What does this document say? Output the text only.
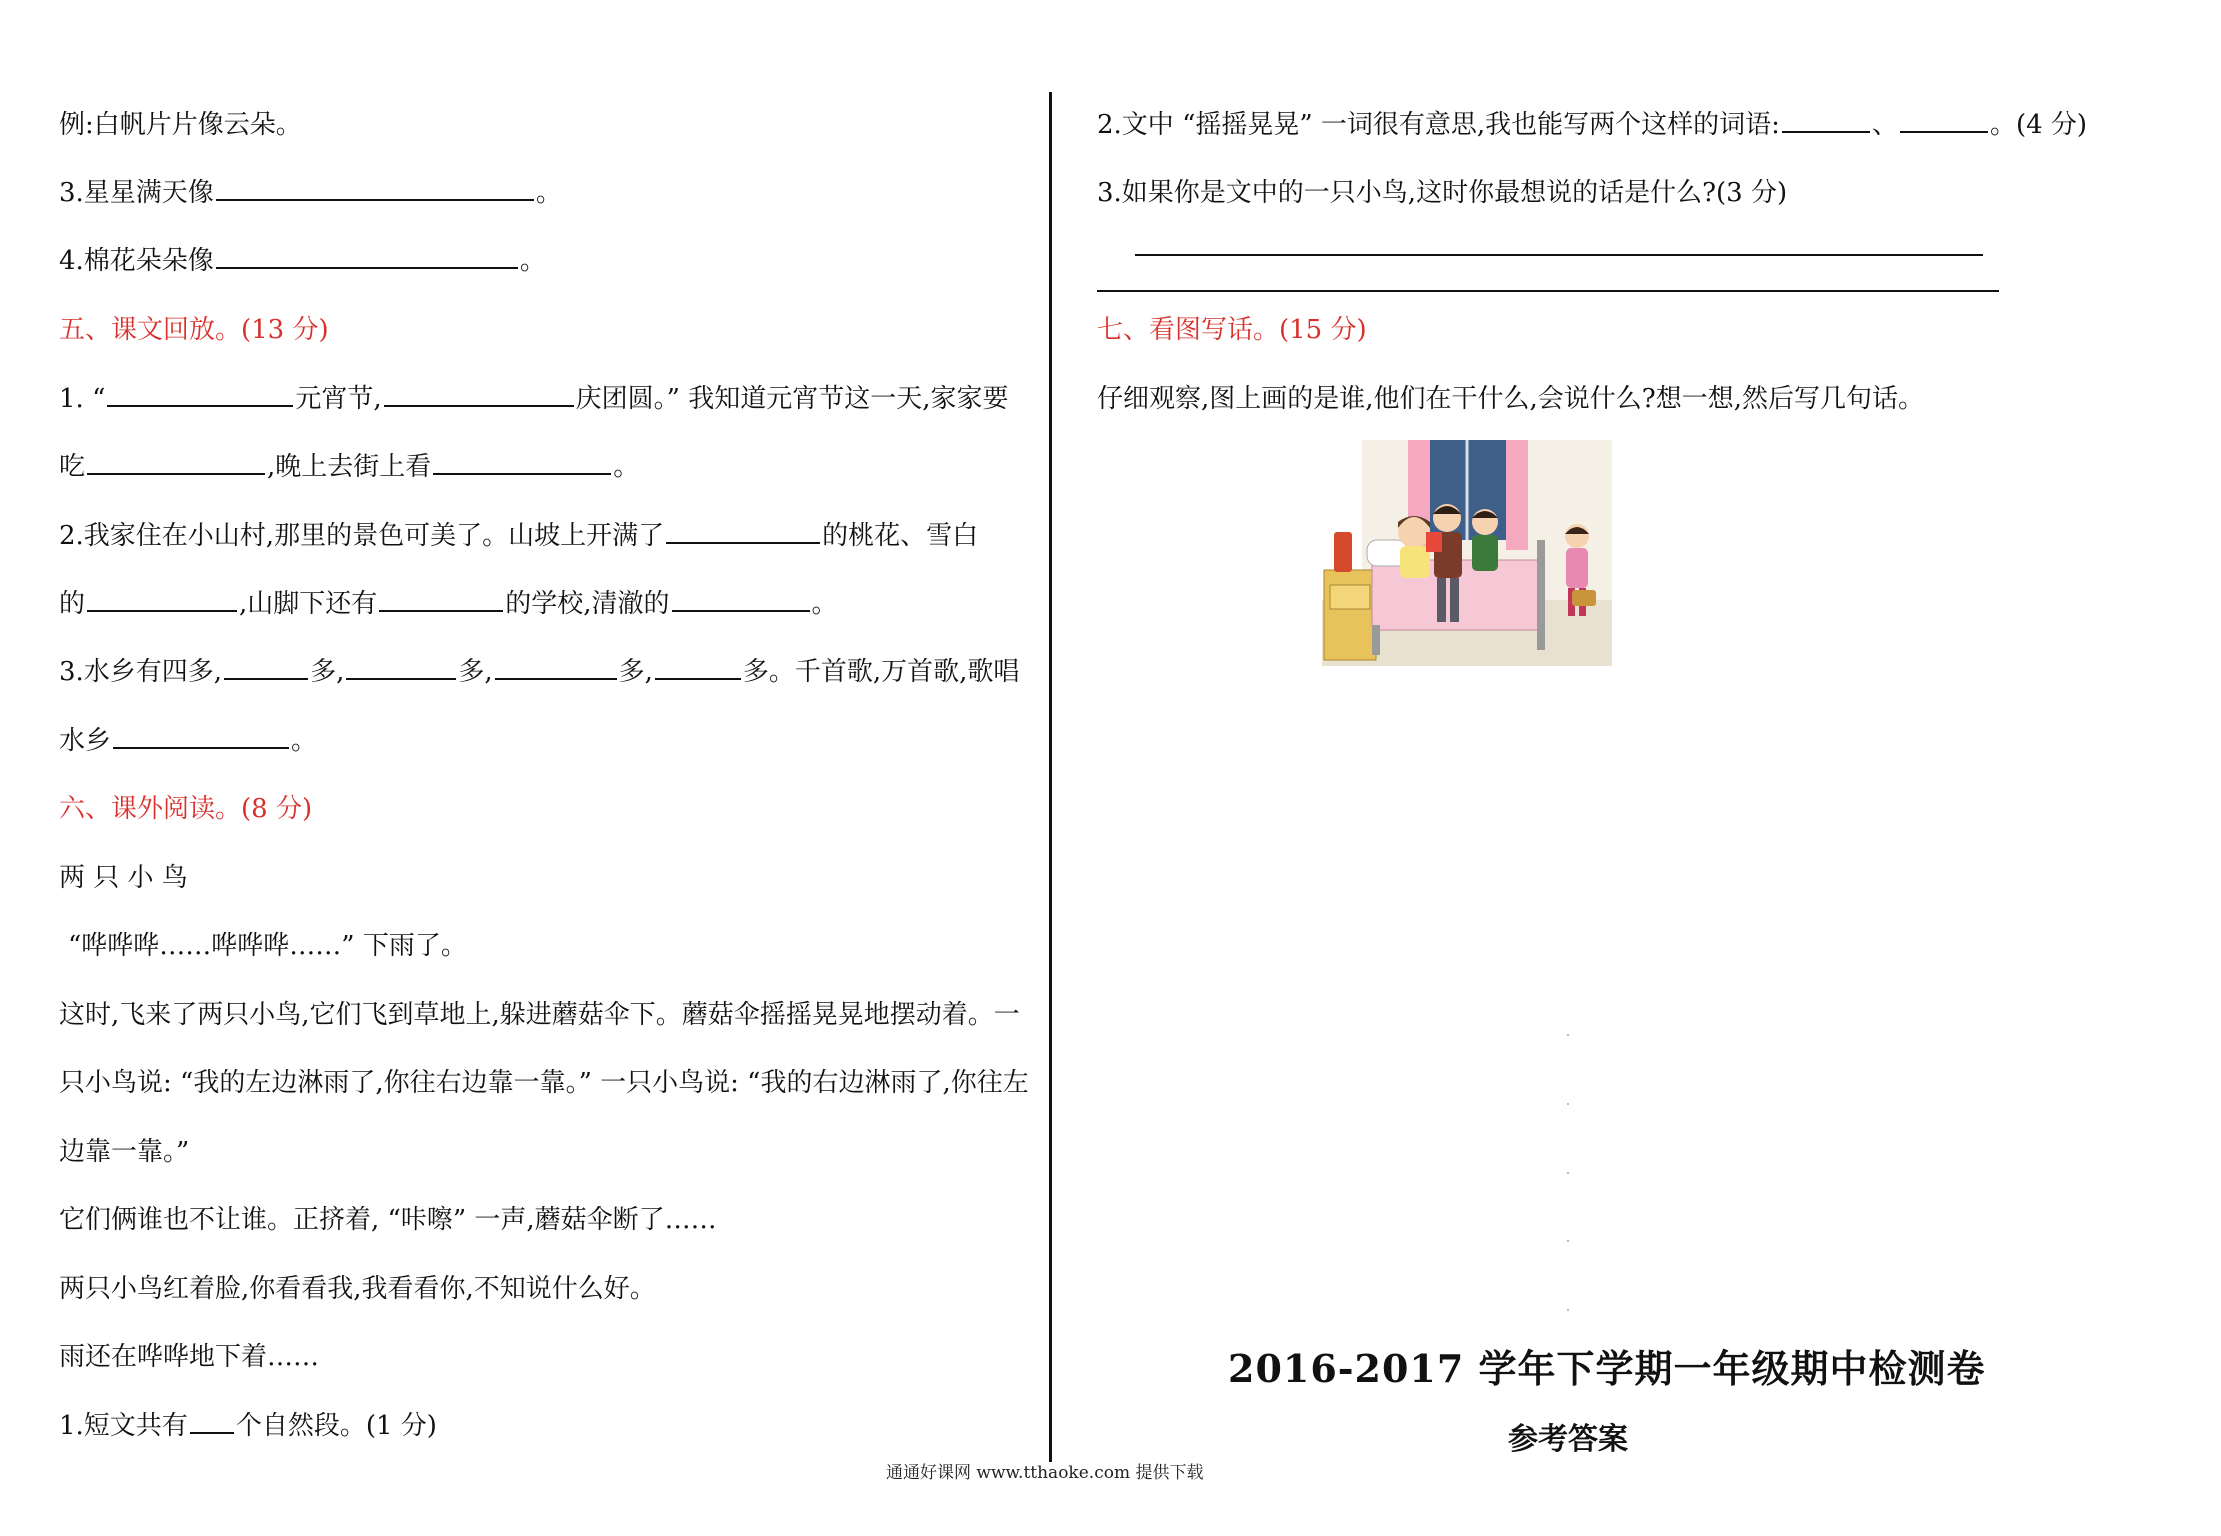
例:白帆片片像云朵。
3.星星满天像	。
4.棉花朵朵像	。
五、课文回放。(13 分)
1. “	元宵节,	庆团圆。” 我知道元宵节这一天,家家要
吃	,晚上去街上看	。
2.我家住在小山村,那里的景色可美了。山坡上开满了	的桃花、雪白
的	,山脚下还有	的学校,清澈的	。
3.水乡有四多,	多,	多,	多,	多。千首歌,万首歌,歌唱
水乡	。
六、课外阅读。(8 分)
两 只 小 鸟
“哗哗哗……哗哗哗……” 下雨了。
这时,飞来了两只小鸟,它们飞到草地上,躲进蘑菇伞下。蘑菇伞摇摇晃晃地摆动着。一
只小鸟说: “我的左边淋雨了,你往右边靠一靠。” 一只小鸟说: “我的右边淋雨了,你往左
边靠一靠。”
它们俩谁也不让谁。正挤着, “咔嚓” 一声,蘑菇伞断了……
两只小鸟红着脸,你看看我,我看看你,不知说什么好。
雨还在哗哗地下着……
1.短文共有 个自然段。(1 分)
2.文中 “摇摇晃晃” 一词很有意思,我也能写两个这样的词语:	、	。(4 分)
3.如果你是文中的一只小鸟,这时你最想说的话是什么?(3 分)
七、看图写话。(15 分)
仔细观察,图上画的是谁,他们在干什么,会说什么?想一想,然后写几句话。
2016-2017 学年下学期一年级期中检测卷
参考答案
通通好课网 www.tthaoke.com 提供下载
